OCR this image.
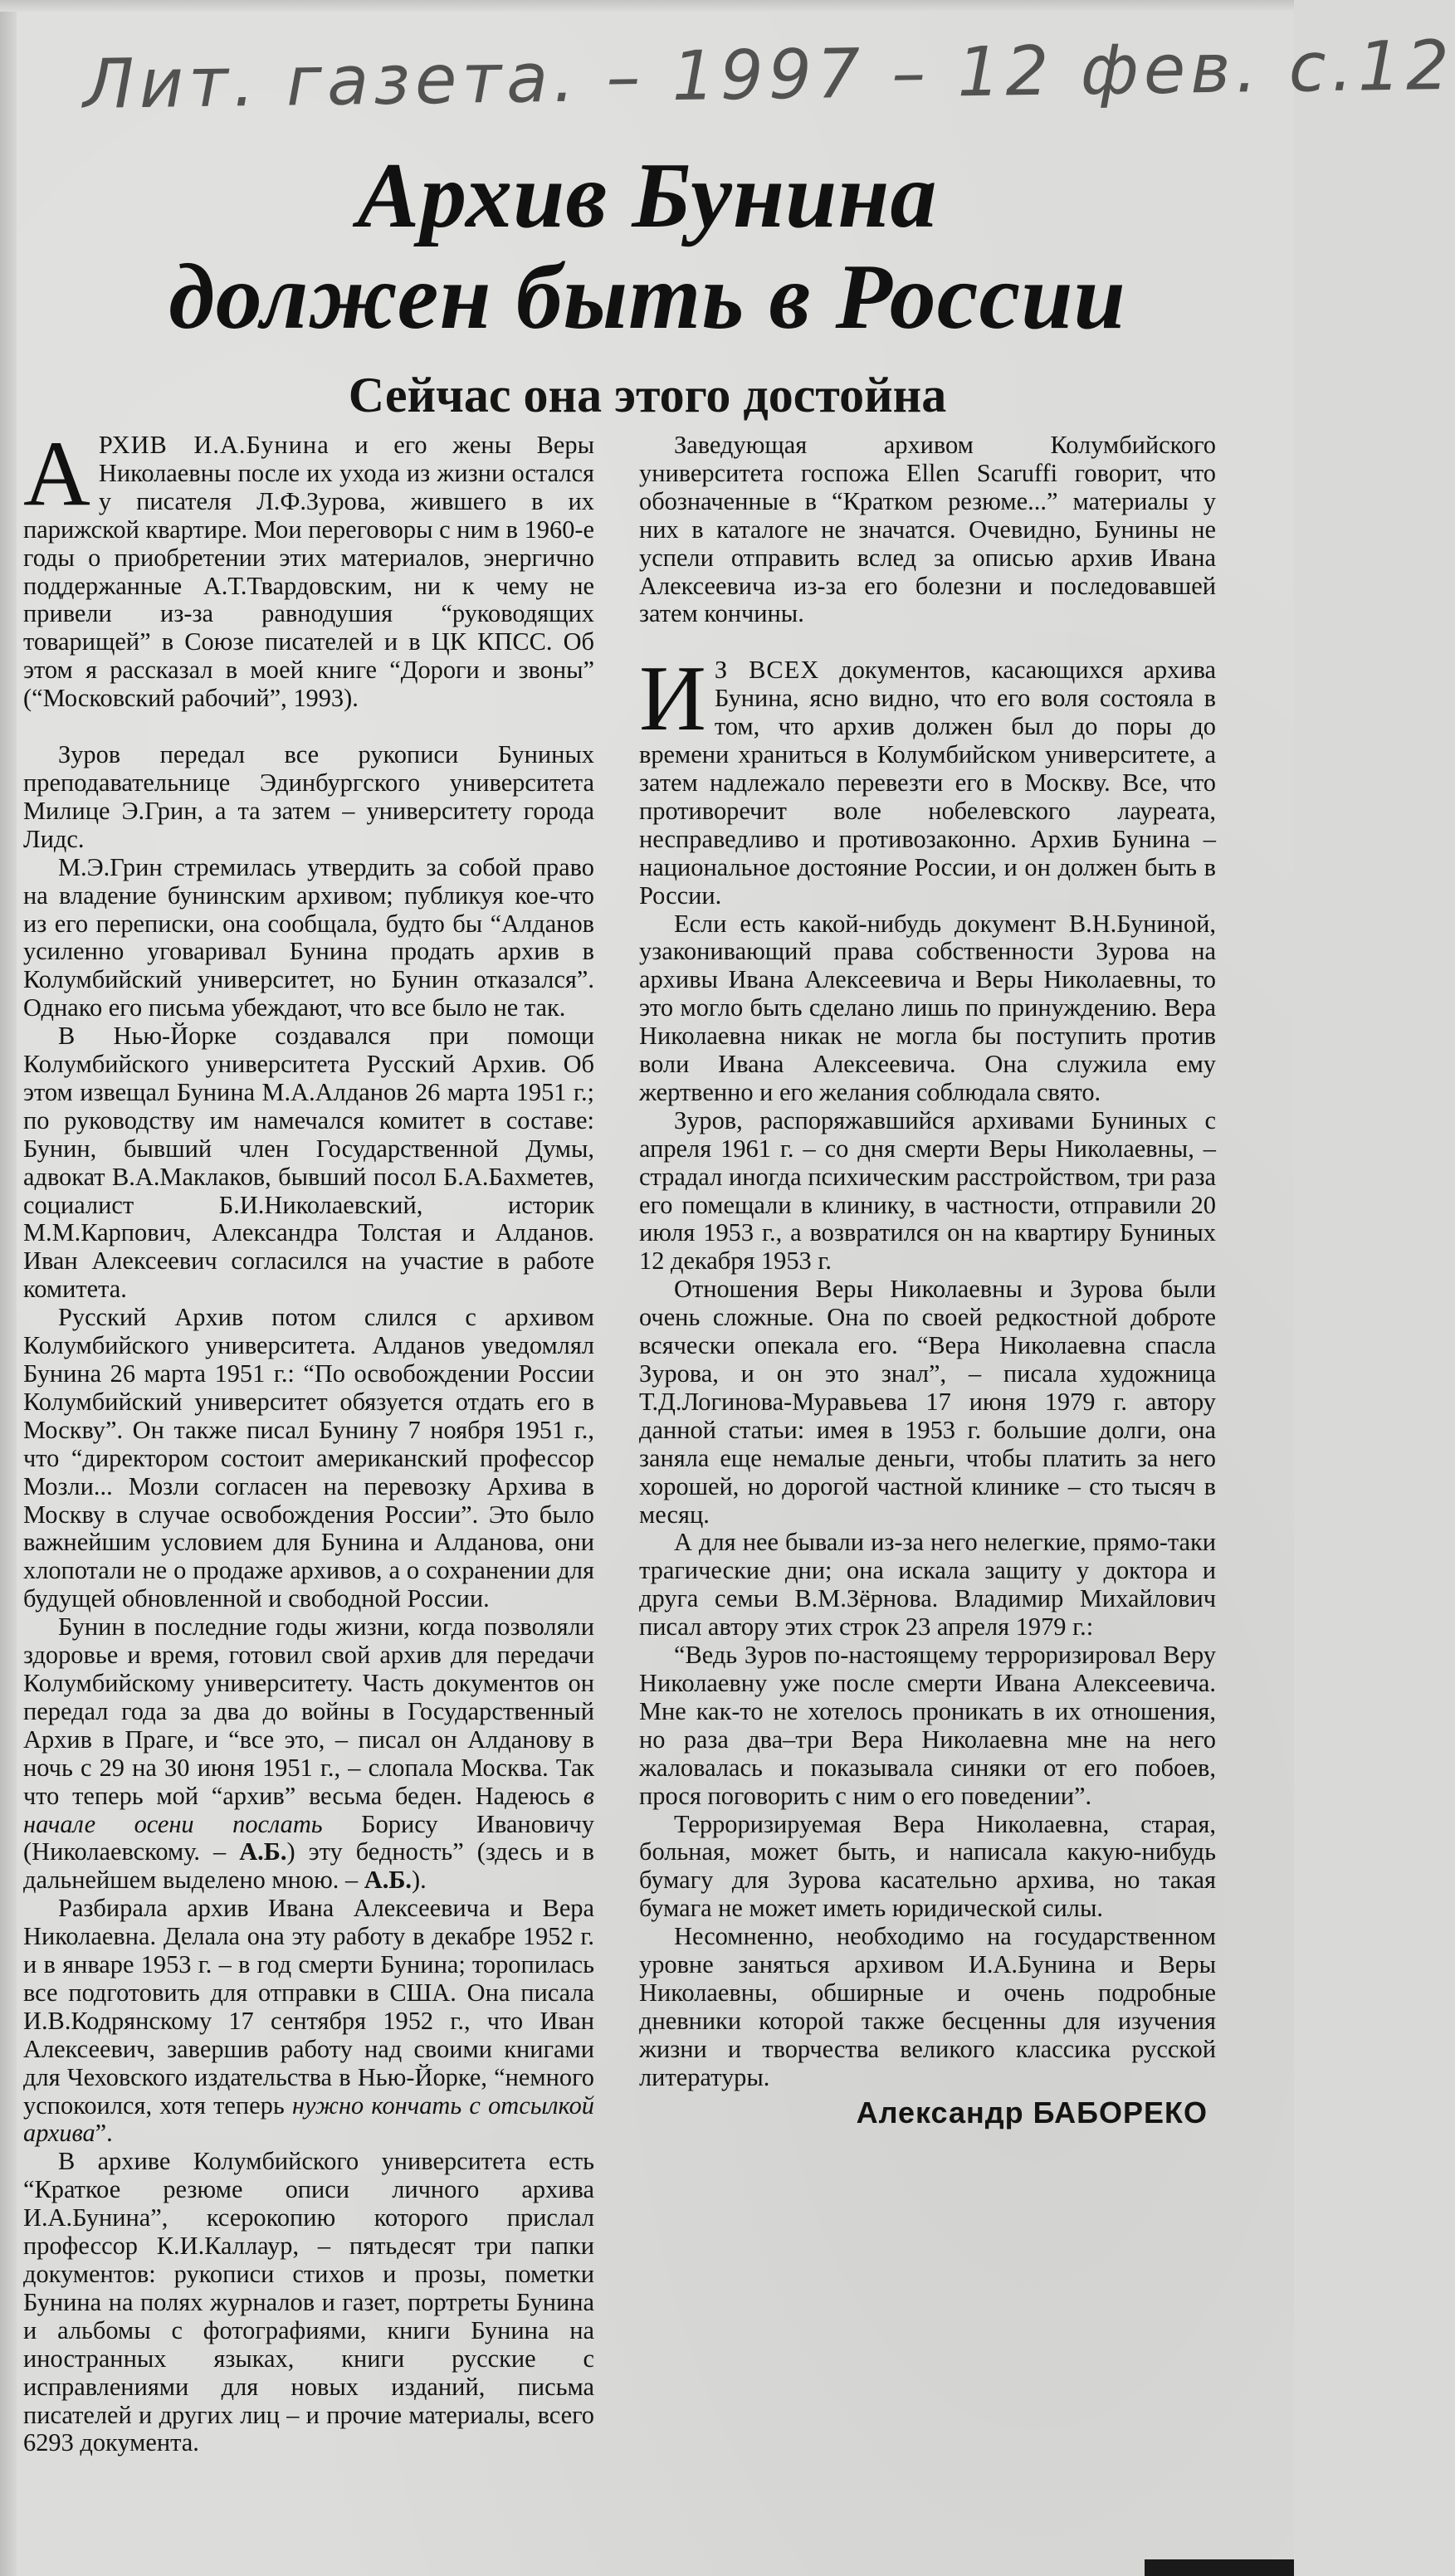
Лит. газета. – 1997 – 12 фев. с.12
Архив Бунина
должен быть в России
Сейчас она этого достойна

АРХИВ И.А.Бунина и его жены Веры Николаевны после их ухода из жизни остался у писателя Л.Ф.Зурова, жившего в их парижской квартире. Мои переговоры с ним в 1960-е годы о приобретении этих материалов, энергично поддержанные А.Т.Твардовским, ни к чему не привели из-за равнодушия “руководящих товарищей” в Союзе писателей и в ЦК КПСС. Об этом я рассказал в моей книге “Дороги и звоны” (“Московский рабочий”, 1993).

Зуров передал все рукописи Буниных преподавательнице Эдинбургского университета Милице Э.Грин, а та затем – университету города Лидс.

М.Э.Грин стремилась утвердить за собой право на владение бунинским архивом; публикуя кое-что из его переписки, она сообщала, будто бы “Алданов усиленно уговаривал Бунина продать архив в Колумбийский университет, но Бунин отказался”. Однако его письма убеждают, что все было не так.

В Нью-Йорке создавался при помощи Колумбийского университета Русский Архив. Об этом извещал Бунина М.А.Алданов 26 марта 1951 г.; по руководству им намечался комитет в составе: Бунин, бывший член Государственной Думы, адвокат В.А.Маклаков, бывший посол Б.А.Бахметев, социалист Б.И.Николаевский, историк М.М.Карпович, Александра Толстая и Алданов. Иван Алексеевич согласился на участие в работе комитета.

Русский Архив потом слился с архивом Колумбийского университета. Алданов уведомлял Бунина 26 марта 1951 г.: “По освобождении России Колумбийский университет обязуется отдать его в Москву”. Он также писал Бунину 7 ноября 1951 г., что “директором состоит американский профессор Мозли... Мозли согласен на перевозку Архива в Москву в случае освобождения России”. Это было важнейшим условием для Бунина и Алданова, они хлопотали не о продаже архивов, а о сохранении для будущей обновленной и свободной России.

Бунин в последние годы жизни, когда позволяли здоровье и время, готовил свой архив для передачи Колумбийскому университету. Часть документов он передал года за два до войны в Государственный Архив в Праге, и “все это, – писал он Алданову в ночь с 29 на 30 июня 1951 г., – слопала Москва. Так что теперь мой “архив” весьма беден. Надеюсь в начале осени послать Борису Ивановичу (Николаевскому. – А.Б.) эту бедность” (здесь и в дальнейшем выделено мною. – А.Б.).

Разбирала архив Ивана Алексеевича и Вера Николаевна. Делала она эту работу в декабре 1952 г. и в январе 1953 г. – в год смерти Бунина; торопилась все подготовить для отправки в США. Она писала И.В.Кодрянскому 17 сентября 1952 г., что Иван Алексеевич, завершив работу над своими книгами для Чеховского издательства в Нью-Йорке, “немного успокоился, хотя теперь нужно кончать с отсылкой архива”.

В архиве Колумбийского университета есть “Краткое резюме описи личного архива И.А.Бунина”, ксерокопию которого прислал профессор К.И.Каллаур, – пятьдесят три папки документов: рукописи стихов и прозы, пометки Бунина на полях журналов и газет, портреты Бунина и альбомы с фотографиями, книги Бунина на иностранных языках, книги русские с исправлениями для новых изданий, письма писателей и других лиц – и прочие материалы, всего 6293 документа.

Заведующая архивом Колумбийского университета госпожа Ellen Scaruffi говорит, что обозначенные в “Кратком резюме...” материалы у них в каталоге не значатся. Очевидно, Бунины не успели отправить вслед за описью архив Ивана Алексеевича из-за его болезни и последовавшей затем кончины.

И З ВСЕХ документов, касающихся архива Бунина, ясно видно, что его воля состояла в том, что архив должен был до поры до времени храниться в Колумбийском университете, а затем надлежало перевезти его в Москву. Все, что противоречит воле нобелевского лауреата, несправедливо и противозаконно. Архив Бунина – национальное достояние России, и он должен быть в России.

Если есть какой-нибудь документ В.Н.Буниной, узаконивающий права собственности Зурова на архивы Ивана Алексеевича и Веры Николаевны, то это могло быть сделано лишь по принуждению. Вера Николаевна никак не могла бы поступить против воли Ивана Алексеевича. Она служила ему жертвенно и его желания соблюдала свято.

Зуров, распоряжавшийся архивами Буниных с апреля 1961 г. – со дня смерти Веры Николаевны, – страдал иногда психическим расстройством, три раза его помещали в клинику, в частности, отправили 20 июля 1953 г., а возвратился он на квартиру Буниных 12 декабря 1953 г.

Отношения Веры Николаевны и Зурова были очень сложные. Она по своей редкостной доброте всячески опекала его. “Вера Николаевна спасла Зурова, и он это знал”, – писала художница Т.Д.Логинова-Муравьева 17 июня 1979 г. автору данной статьи: имея в 1953 г. большие долги, она заняла еще немалые деньги, чтобы платить за него хорошей, но дорогой частной клинике – сто тысяч в месяц.

А для нее бывали из-за него нелегкие, прямо-таки трагические дни; она искала защиту у доктора и друга семьи В.М.Зёрнова. Владимир Михайлович писал автору этих строк 23 апреля 1979 г.:

“Ведь Зуров по-настоящему терроризировал Веру Николаевну уже после смерти Ивана Алексеевича. Мне как-то не хотелось проникать в их отношения, но раза два–три Вера Николаевна мне на него жаловалась и показывала синяки от его побоев, прося поговорить с ним о его поведении”.

Терроризируемая Вера Николаевна, старая, больная, может быть, и написала какую-нибудь бумагу для Зурова касательно архива, но такая бумага не может иметь юридической силы.

Несомненно, необходимо на государственном уровне заняться архивом И.А.Бунина и Веры Николаевны, обширные и очень подробные дневники которой также бесценны для изучения жизни и творчества великого классика русской литературы.

Александр БАБОРЕКО
